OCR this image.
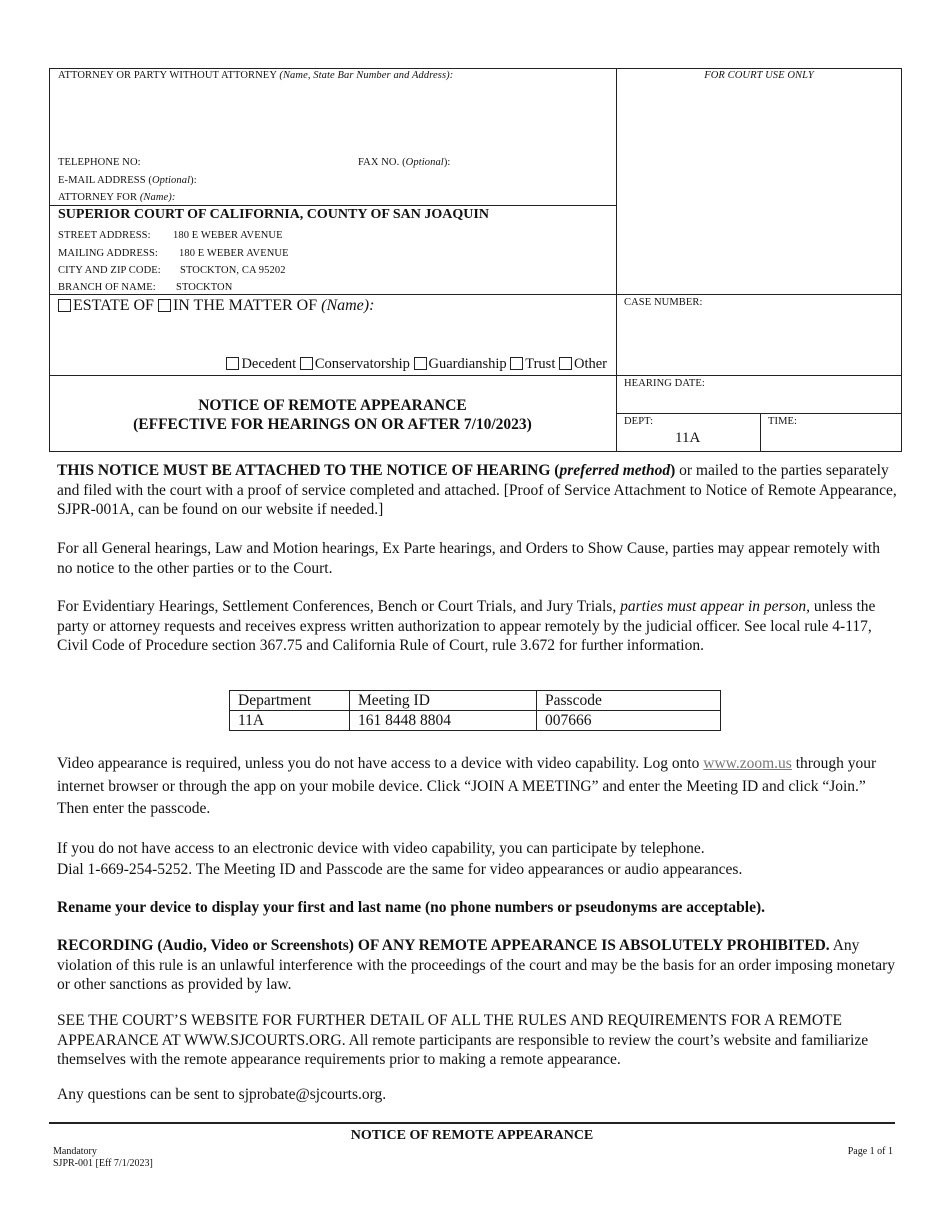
ATTORNEY OR PARTY WITHOUT ATTORNEY (Name, State Bar Number and Address):
TELEPHONE NO:	FAX NO. (Optional):
E-MAIL ADDRESS (Optional):
ATTORNEY FOR (Name):
FOR COURT USE ONLY
SUPERIOR COURT OF CALIFORNIA, COUNTY OF SAN JOAQUIN
STREET ADDRESS: 180 E WEBER AVENUE
MAILING ADDRESS: 180 E WEBER AVENUE
CITY AND ZIP CODE: STOCKTON, CA 95202
BRANCH OF NAME: STOCKTON
ESTATE OF IN THE MATTER OF (Name):
Decedent Conservatorship Guardianship Trust Other
CASE NUMBER:
HEARING DATE:
DEPT:
11A
TIME:
NOTICE OF REMOTE APPEARANCE
(EFFECTIVE FOR HEARINGS ON OR AFTER 7/10/2023)
THIS NOTICE MUST BE ATTACHED TO THE NOTICE OF HEARING (preferred method) or mailed to the parties separately and filed with the court with a proof of service completed and attached. [Proof of Service Attachment to Notice of Remote Appearance, SJPR-001A, can be found on our website if needed.]
For all General hearings, Law and Motion hearings, Ex Parte hearings, and Orders to Show Cause, parties may appear remotely with no notice to the other parties or to the Court.
For Evidentiary Hearings, Settlement Conferences, Bench or Court Trials, and Jury Trials, parties must appear in person, unless the party or attorney requests and receives express written authorization to appear remotely by the judicial officer. See local rule 4-117, Civil Code of Procedure section 367.75 and California Rule of Court, rule 3.672 for further information.
Department	Meeting ID	Passcode
11A	161 8448 8804	007666
Video appearance is required, unless you do not have access to a device with video capability. Log onto www.zoom.us through your internet browser or through the app on your mobile device. Click “JOIN A MEETING” and enter the Meeting ID and click “Join.” Then enter the passcode.
If you do not have access to an electronic device with video capability, you can participate by telephone.
Dial 1-669-254-5252. The Meeting ID and Passcode are the same for video appearances or audio appearances.
Rename your device to display your first and last name (no phone numbers or pseudonyms are acceptable).
RECORDING (Audio, Video or Screenshots) OF ANY REMOTE APPEARANCE IS ABSOLUTELY PROHIBITED. Any violation of this rule is an unlawful interference with the proceedings of the court and may be the basis for an order imposing monetary or other sanctions as provided by law.
SEE THE COURT’S WEBSITE FOR FURTHER DETAIL OF ALL THE RULES AND REQUIREMENTS FOR A REMOTE APPEARANCE AT WWW.SJCOURTS.ORG. All remote participants are responsible to review the court’s website and familiarize themselves with the remote appearance requirements prior to making a remote appearance.
Any questions can be sent to sjprobate@sjcourts.org.
NOTICE OF REMOTE APPEARANCE
Mandatory
SJPR-001 [Eff 7/1/2023]
Page 1 of 1
